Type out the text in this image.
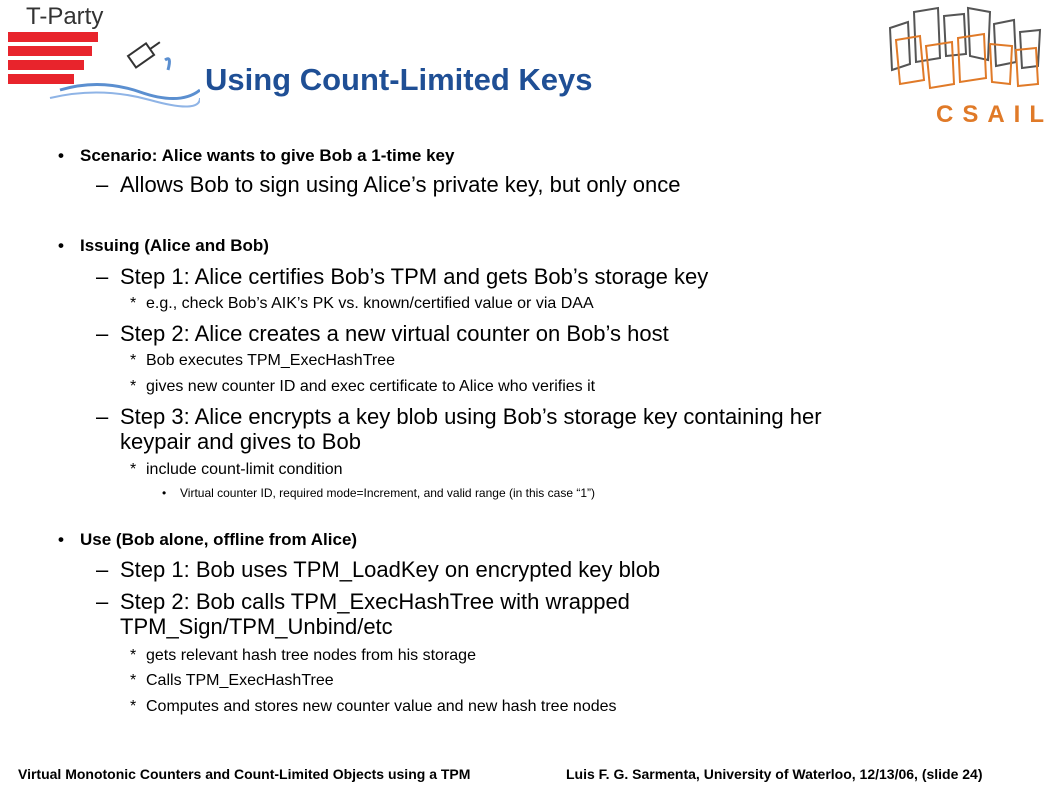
T-Party
CSAIL
Using Count-Limited Keys
• Scenario: Alice wants to give Bob a 1-time key
– Allows Bob to sign using Alice’s private key, but only once
• Issuing (Alice and Bob)
– Step 1: Alice certifies Bob’s TPM and gets Bob’s storage key
* e.g., check Bob’s AIK’s PK vs. known/certified value or via DAA
– Step 2: Alice creates a new virtual counter on Bob’s host
* Bob executes TPM_ExecHashTree
* gives new counter ID and exec certificate to Alice who verifies it
– Step 3: Alice encrypts a key blob using Bob’s storage key containing her
keypair and gives to Bob
* include count-limit condition
• Virtual counter ID, required mode=Increment, and valid range (in this case “1”)
• Use (Bob alone, offline from Alice)
– Step 1: Bob uses TPM_LoadKey on encrypted key blob
– Step 2: Bob calls TPM_ExecHashTree with wrapped
TPM_Sign/TPM_Unbind/etc
* gets relevant hash tree nodes from his storage
* Calls TPM_ExecHashTree
* Computes and stores new counter value and new hash tree nodes
Virtual Monotonic Counters and Count-Limited Objects using a TPM	Luis F. G. Sarmenta, University of Waterloo, 12/13/06, (slide 24)
